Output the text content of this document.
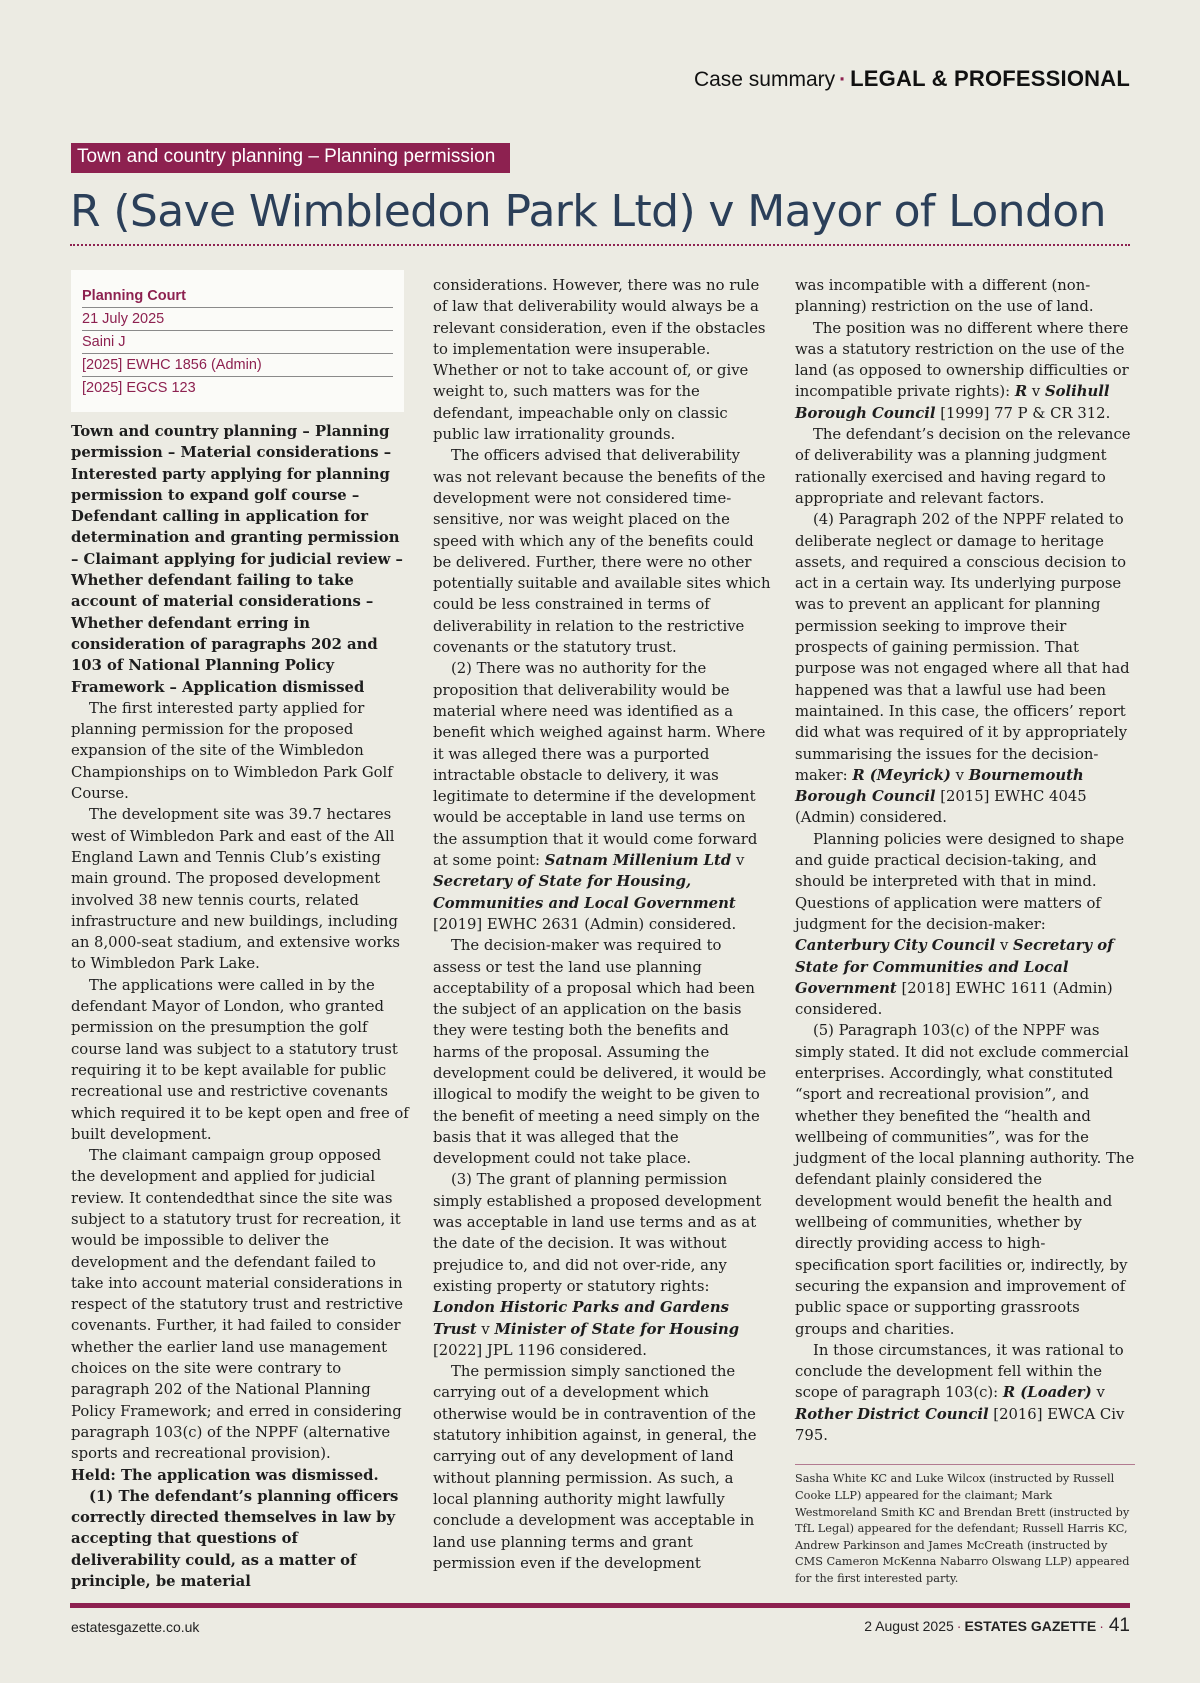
Case summary · LEGAL & PROFESSIONAL
Town and country planning – Planning permission
R (Save Wimbledon Park Ltd) v Mayor of London
Planning Court
21 July 2025
Saini J
[2025] EWHC 1856 (Admin)
[2025] EGCS 123

Town and country planning – Planning permission – Material considerations – Interested party applying for planning permission to expand golf course – Defendant calling in application for determination and granting permission – Claimant applying for judicial review – Whether defendant failing to take account of material considerations – Whether defendant erring in consideration of paragraphs 202 and 103 of National Planning Policy Framework – Application dismissed

The first interested party applied for planning permission for the proposed expansion of the site of the Wimbledon Championships on to Wimbledon Park Golf Course.

The development site was 39.7 hectares west of Wimbledon Park and east of the All England Lawn and Tennis Club’s existing main ground. The proposed development involved 38 new tennis courts, related infrastructure and new buildings, including an 8,000-seat stadium, and extensive works to Wimbledon Park Lake.

The applications were called in by the defendant Mayor of London, who granted permission on the presumption the golf course land was subject to a statutory trust requiring it to be kept available for public recreational use and restrictive covenants which required it to be kept open and free of built development.

The claimant campaign group opposed the development and applied for judicial review. It contendedthat since the site was subject to a statutory trust for recreation, it would be impossible to deliver the development and the defendant failed to take into account material considerations in respect of the statutory trust and restrictive covenants. Further, it had failed to consider whether the earlier land use management choices on the site were contrary to paragraph 202 of the National Planning Policy Framework; and erred in considering paragraph 103(c) of the NPPF (alternative sports and recreational provision).

Held: The application was dismissed.

(1) The defendant’s planning officers correctly directed themselves in law by accepting that questions of deliverability could, as a matter of principle, be material

considerations. However, there was no rule of law that deliverability would always be a relevant consideration, even if the obstacles to implementation were insuperable. Whether or not to take account of, or give weight to, such matters was for the defendant, impeachable only on classic public law irrationality grounds.

The officers advised that deliverability was not relevant because the benefits of the development were not considered time-sensitive, nor was weight placed on the speed with which any of the benefits could be delivered. Further, there were no other potentially suitable and available sites which could be less constrained in terms of deliverability in relation to the restrictive covenants or the statutory trust.

(2) There was no authority for the proposition that deliverability would be material where need was identified as a benefit which weighed against harm. Where it was alleged there was a purported intractable obstacle to delivery, it was legitimate to determine if the development would be acceptable in land use terms on the assumption that it would come forward at some point: Satnam Millenium Ltd v Secretary of State for Housing, Communities and Local Government [2019] EWHC 2631 (Admin) considered.

The decision-maker was required to assess or test the land use planning acceptability of a proposal which had been the subject of an application on the basis they were testing both the benefits and harms of the proposal. Assuming the development could be delivered, it would be illogical to modify the weight to be given to the benefit of meeting a need simply on the basis that it was alleged that the development could not take place.

(3) The grant of planning permission simply established a proposed development was acceptable in land use terms and as at the date of the decision. It was without prejudice to, and did not over-ride, any existing property or statutory rights: London Historic Parks and Gardens Trust v Minister of State for Housing [2022] JPL 1196 considered.

The permission simply sanctioned the carrying out of a development which otherwise would be in contravention of the statutory inhibition against, in general, the carrying out of any development of land without planning permission. As such, a local planning authority might lawfully conclude a development was acceptable in land use planning terms and grant permission even if the development

was incompatible with a different (non-planning) restriction on the use of land.

The position was no different where there was a statutory restriction on the use of the land (as opposed to ownership difficulties or incompatible private rights): R v Solihull Borough Council [1999] 77 P & CR 312.

The defendant’s decision on the relevance of deliverability was a planning judgment rationally exercised and having regard to appropriate and relevant factors.

(4) Paragraph 202 of the NPPF related to deliberate neglect or damage to heritage assets, and required a conscious decision to act in a certain way. Its underlying purpose was to prevent an applicant for planning permission seeking to improve their prospects of gaining permission. That purpose was not engaged where all that had happened was that a lawful use had been maintained. In this case, the officers’ report did what was required of it by appropriately summarising the issues for the decision-maker: R (Meyrick) v Bournemouth Borough Council [2015] EWHC 4045 (Admin) considered.

Planning policies were designed to shape and guide practical decision-taking, and should be interpreted with that in mind. Questions of application were matters of judgment for the decision-maker: Canterbury City Council v Secretary of State for Communities and Local Government [2018] EWHC 1611 (Admin) considered.

(5) Paragraph 103(c) of the NPPF was simply stated. It did not exclude commercial enterprises. Accordingly, what constituted “sport and recreational provision”, and whether they benefited the “health and wellbeing of communities”, was for the judgment of the local planning authority. The defendant plainly considered the development would benefit the health and wellbeing of communities, whether by directly providing access to high-specification sport facilities or, indirectly, by securing the expansion and improvement of public space or supporting grassroots groups and charities.

In those circumstances, it was rational to conclude the development fell within the scope of paragraph 103(c): R (Loader) v Rother District Council [2016] EWCA Civ 795.

Sasha White KC and Luke Wilcox (instructed by Russell Cooke LLP) appeared for the claimant; Mark Westmoreland Smith KC and Brendan Brett (instructed by TfL Legal) appeared for the defendant; Russell Harris KC, Andrew Parkinson and James McCreath (instructed by CMS Cameron McKenna Nabarro Olswang LLP) appeared for the first interested party.
estatesgazette.co.uk	2 August 2025 · ESTATES GAZETTE · 41
